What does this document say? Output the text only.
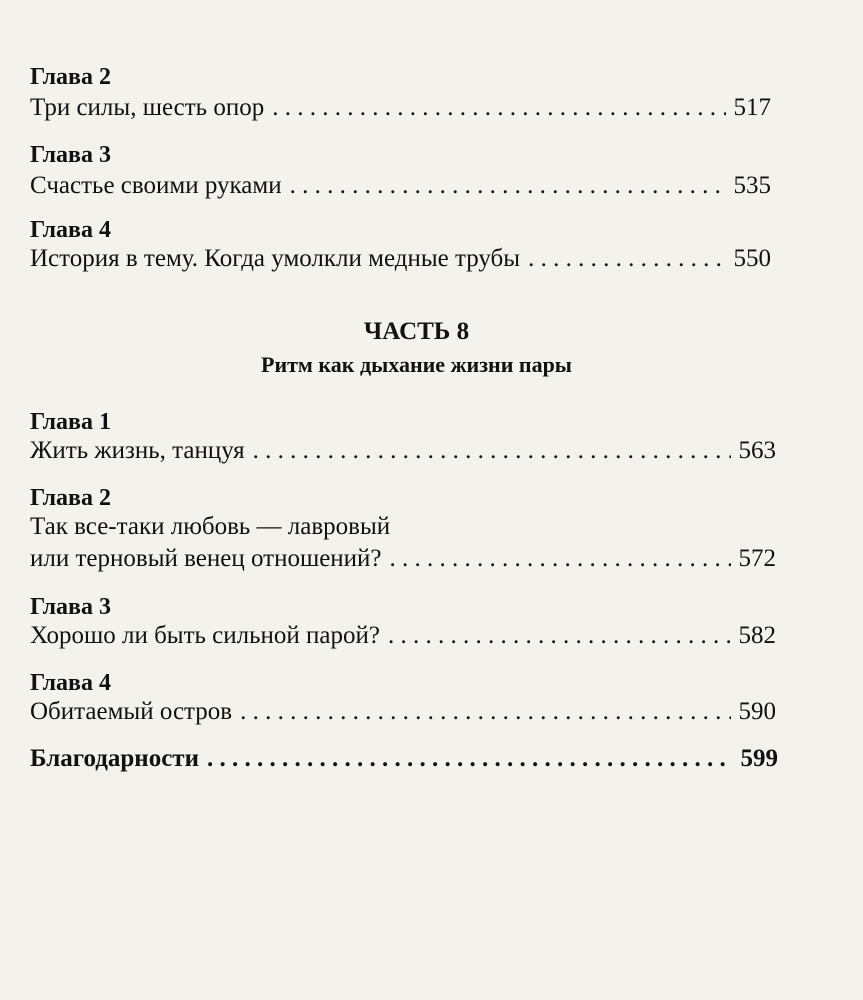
Глава 2
Три силы, шесть опор . . .	517
Глава 3
Счастье своими руками . . .	535
Глава 4
История в тему. Когда умолкли медные трубы . . .	550
ЧАСТЬ 8
Ритм как дыхание жизни пары
Глава 1
Жить жизнь, танцуя . . .	563
Глава 2
Так все-таки любовь — лавровый
или терновый венец отношений? . . .	572
Глава 3
Хорошо ли быть сильной парой? . . .	582
Глава 4
Обитаемый остров . . .	590
Благодарности . . .	599
